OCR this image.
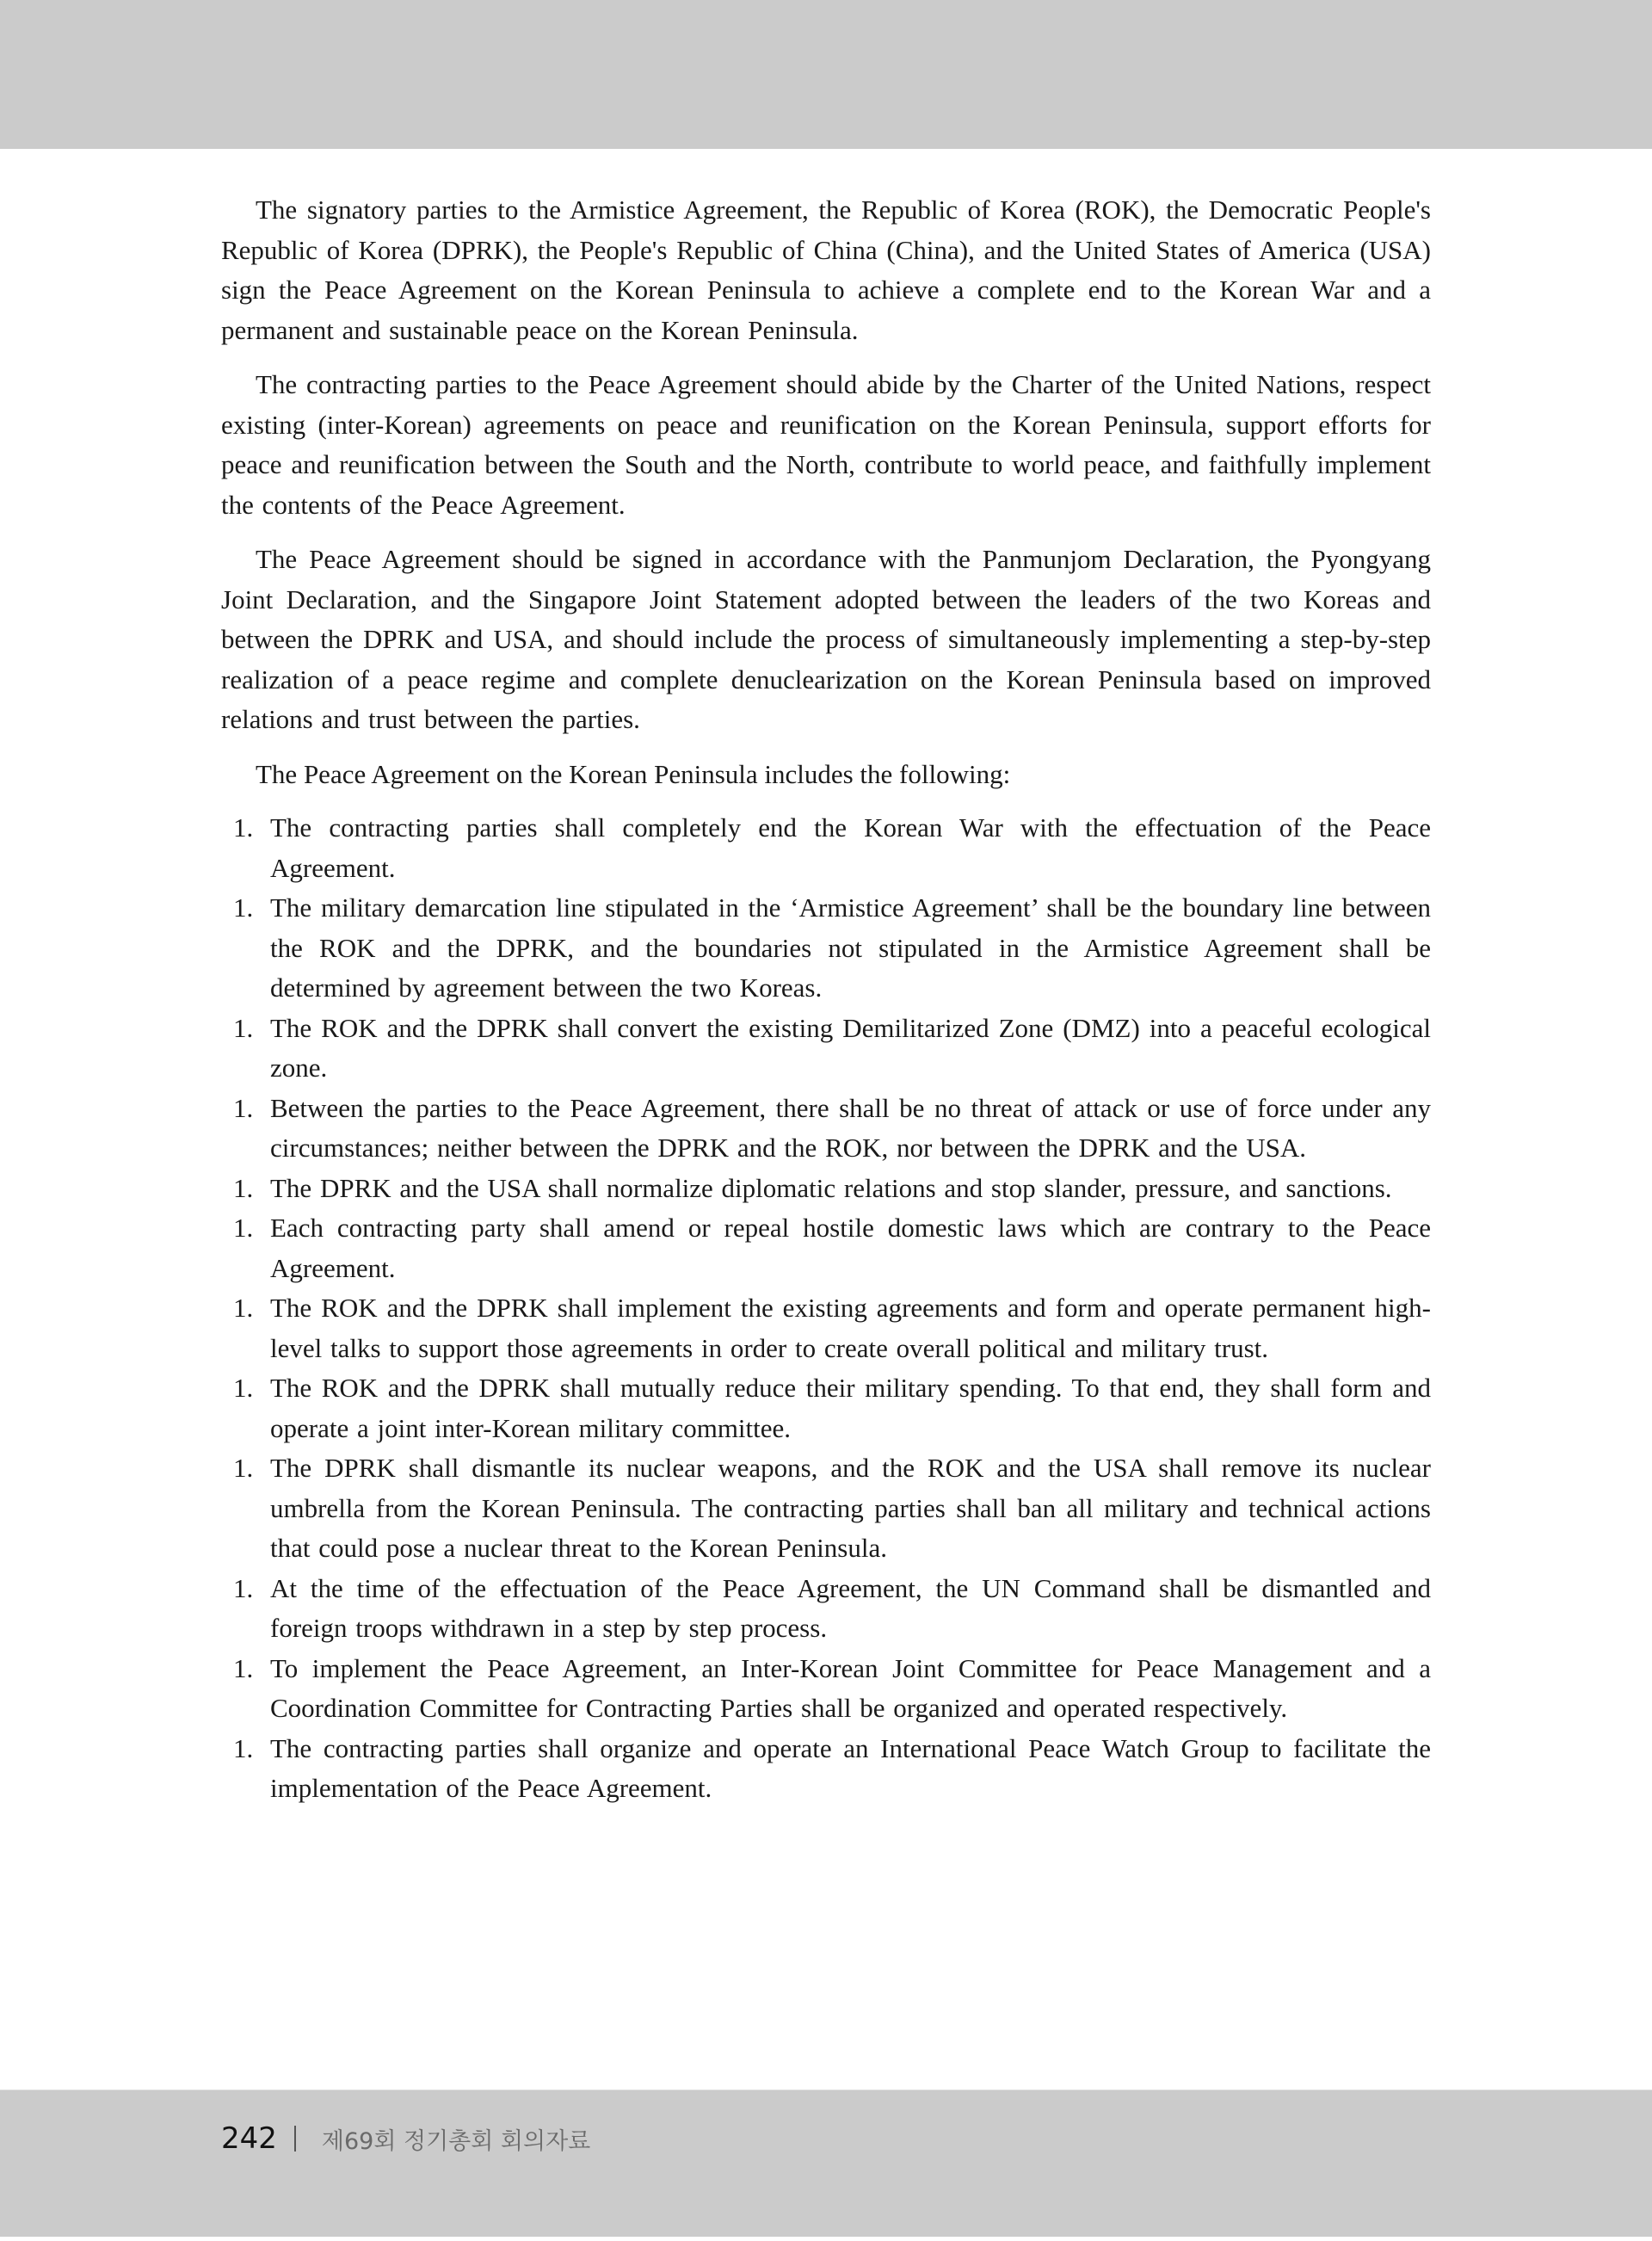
The signatory parties to the Armistice Agreement, the Republic of Korea (ROK), the Democratic People's Republic of Korea (DPRK), the People's Republic of China (China), and the United States of America (USA) sign the Peace Agreement on the Korean Peninsula to achieve a complete end to the Korean War and a permanent and sustainable peace on the Korean Peninsula.

The contracting parties to the Peace Agreement should abide by the Charter of the United Nations, respect existing (inter-Korean) agreements on peace and reunification on the Korean Peninsula, support efforts for peace and reunification between the South and the North, contribute to world peace, and faithfully implement the contents of the Peace Agreement.

The Peace Agreement should be signed in accordance with the Panmunjom Declaration, the Pyongyang Joint Declaration, and the Singapore Joint Statement adopted between the leaders of the two Koreas and between the DPRK and USA, and should include the process of simultaneously implementing a step-by-step realization of a peace regime and complete denuclearization on the Korean Peninsula based on improved relations and trust between the parties.

The Peace Agreement on the Korean Peninsula includes the following:

1. The contracting parties shall completely end the Korean War with the effectuation of the Peace Agreement.
1. The military demarcation line stipulated in the ‘Armistice Agreement’ shall be the boundary line between the ROK and the DPRK, and the boundaries not stipulated in the Armistice Agreement shall be determined by agreement between the two Koreas.
1. The ROK and the DPRK shall convert the existing Demilitarized Zone (DMZ) into a peaceful ecological zone.
1. Between the parties to the Peace Agreement, there shall be no threat of attack or use of force under any circumstances; neither between the DPRK and the ROK, nor between the DPRK and the USA.
1. The DPRK and the USA shall normalize diplomatic relations and stop slander, pressure, and sanctions.
1. Each contracting party shall amend or repeal hostile domestic laws which are contrary to the Peace Agreement.
1. The ROK and the DPRK shall implement the existing agreements and form and operate permanent high-level talks to support those agreements in order to create overall political and military trust.
1. The ROK and the DPRK shall mutually reduce their military spending. To that end, they shall form and operate a joint inter-Korean military committee.
1. The DPRK shall dismantle its nuclear weapons, and the ROK and the USA shall remove its nuclear umbrella from the Korean Peninsula. The contracting parties shall ban all military and technical actions that could pose a nuclear threat to the Korean Peninsula.
1. At the time of the effectuation of the Peace Agreement, the UN Command shall be dismantled and foreign troops withdrawn in a step by step process.
1. To implement the Peace Agreement, an Inter-Korean Joint Committee for Peace Management and a Coordination Committee for Contracting Parties shall be organized and operated respectively.
1. The contracting parties shall organize and operate an International Peace Watch Group to facilitate the implementation of the Peace Agreement.
242 제69회 정기총회 회의자료
